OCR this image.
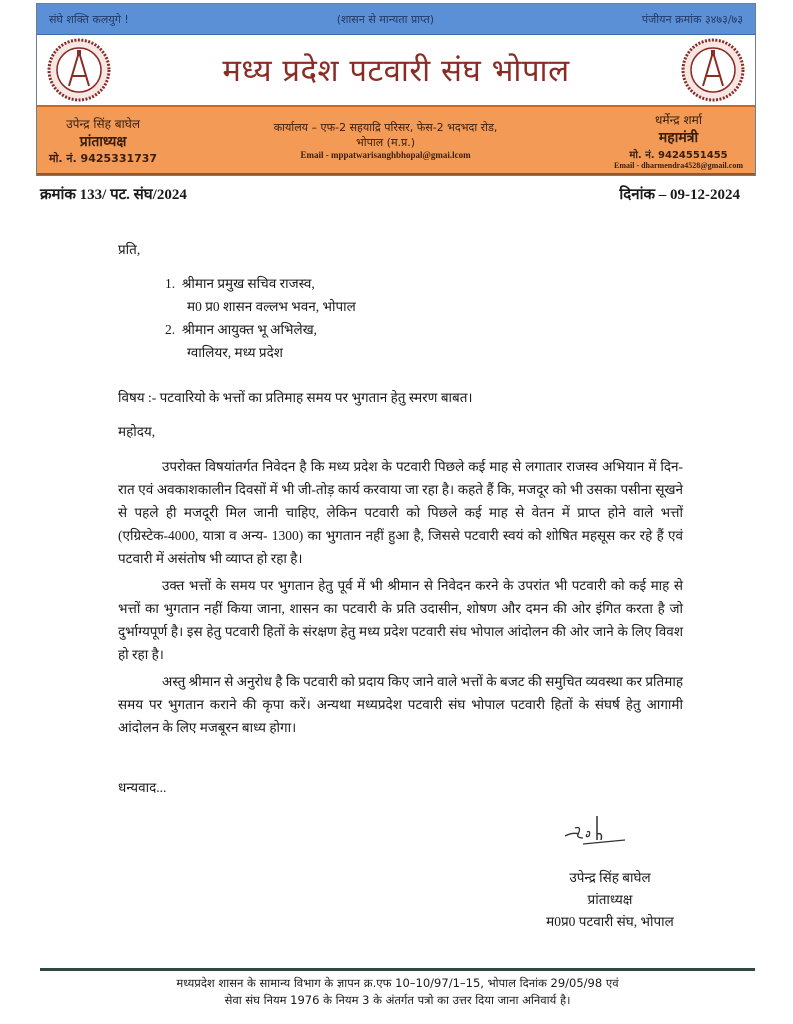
संघे शक्ति कलयुगे !	(शासन से मान्यता प्राप्त)	पंजीयन क्रमांक ३४७३/७३
मध्य प्रदेश पटवारी संघ भोपाल
उपेन्द्र सिंह बाघेल
प्रांताध्यक्ष
मो. नं. 9425331737
कार्यालय – एफ-2 सहयाद्रि परिसर, फेस-2 भदभदा रोड,
भोपाल (म.प्र.)
Email - mppatwarisanghbhopal@gmai.lcom
धर्मेन्द्र शर्मा
महामंत्री
मो. नं. 9424551455
Email - dharmendra4528@gmail.com
क्रमांक 133/ पट. संघ/2024	दिनांक – 09-12-2024
प्रति,
1. श्रीमान प्रमुख सचिव राजस्व,
म0 प्र0 शासन वल्लभ भवन, भोपाल
2. श्रीमान आयुक्त भू अभिलेख,
ग्वालियर, मध्य प्रदेश
विषय :- पटवारियो के भत्तों का प्रतिमाह समय पर भुगतान हेतु स्मरण बाबत।
महोदय,

उपरोक्त विषयांतर्गत निवेदन है कि मध्य प्रदेश के पटवारी पिछले कई माह से लगातार राजस्व अभियान में दिन-रात एवं अवकाशकालीन दिवसों में भी जी-तोड़ कार्य करवाया जा रहा है। कहते हैं कि, मजदूर को भी उसका पसीना सूखने से पहले ही मजदूरी मिल जानी चाहिए, लेकिन पटवारी को पिछले कई माह से वेतन में प्राप्त होने वाले भत्तों (एग्रिस्टेक-4000, यात्रा व अन्य- 1300) का भुगतान नहीं हुआ है, जिससे पटवारी स्वयं को शोषित महसूस कर रहे हैं एवं पटवारी में असंतोष भी व्याप्त हो रहा है।

उक्त भत्तों के समय पर भुगतान हेतु पूर्व में भी श्रीमान से निवेदन करने के उपरांत भी पटवारी को कई माह से भत्तों का भुगतान नहीं किया जाना, शासन का पटवारी के प्रति उदासीन, शोषण और दमन की ओर इंगित करता है जो दुर्भाग्यपूर्ण है। इस हेतु पटवारी हितों के संरक्षण हेतु मध्य प्रदेश पटवारी संघ भोपाल आंदोलन की ओर जाने के लिए विवश हो रहा है।

अस्तु श्रीमान से अनुरोध है कि पटवारी को प्रदाय किए जाने वाले भत्तों के बजट की समुचित व्यवस्था कर प्रतिमाह समय पर भुगतान कराने की कृपा करें। अन्यथा मध्यप्रदेश पटवारी संघ भोपाल पटवारी हितों के संघर्ष हेतु आगामी आंदोलन के लिए मजबूरन बाध्य होगा।

धन्यवाद...
उपेन्द्र सिंह बाघेल
प्रांताध्यक्ष
म0प्र0 पटवारी संघ, भोपाल
मध्यप्रदेश शासन के सामान्य विभाग के ज्ञापन क्र.एफ 10–10/97/1–15, भोपाल दिनांक 29/05/98 एवं
सेवा संघ नियम 1976 के नियम 3 के अंतर्गत पत्रो का उत्तर दिया जाना अनिवार्य है।
